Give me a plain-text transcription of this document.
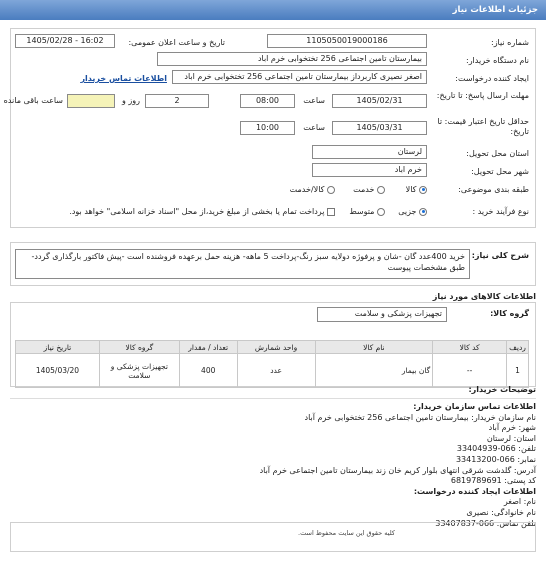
جزئیات اطلاعات نیاز
شماره نیاز:
1105050019000186
تاریخ و ساعت اعلان عمومی:
1405/02/28 - 16:02
نام دستگاه خریدار:
بیمارستان تامین اجتماعی 256 تختخوابی خرم اباد
ایجاد کننده درخواست:
اصغر نصیری کاربرداز بیمارستان تامین اجتماعی 256 تختخوابی خرم اباد
اطلاعات تماس خریدار
مهلت ارسال پاسخ: تا تاریخ:
1405/02/31
ساعت
08:00
2
روز و
ساعت باقی مانده
حداقل تاریخ اعتبار قیمت: تا تاریخ:
1405/03/31
ساعت
10:00
استان محل تحویل:
لرستان
شهر محل تحویل:
خرم اباد
طبقه بندی موضوعی:
کالا
خدمت
کالا/خدمت
نوع فرآیند خرید :
جزیی
متوسط
پرداخت تمام یا بخشی از مبلغ خرید،از محل "اسناد خزانه اسلامی" خواهد بود.
شرح کلی نیاز:
خرید 400عدد گان -شان و پرفوژه دولایه سبز رنگ-پرداخت 5 ماهه- هزینه حمل برعهده فروشنده است -پیش فاکتور بارگذاری گردد-طبق مشخصات پیوست
اطلاعات کالاهای مورد نیاز
گروه کالا:
تجهیزات پزشکی و سلامت
ردیف	کد کالا	نام کالا	واحد شمارش	تعداد / مقدار	گروه کالا	تاریخ نیاز
1	--	گان بیمار	عدد	400	تجهیزات پزشکی و سلامت	1405/03/20
توضیحات خریدار:
اطلاعات تماس سازمان خریدار:
نام سازمان خریدار: بیمارستان تامین اجتماعی 256 تختخوابی خرم آباد
شهر: خرم آباد
استان: لرستان
تلفن: 066-33404939
نمابر: 066-33413200
آدرس: گلدشت شرقی انتهای بلوار کریم خان زند بیمارستان تامین اجتماعی خرم آباد
کد پستی: 6819789691
اطلاعات ایجاد کننده درخواست:
نام: اصغر
نام خانوادگی: نصیری
تلفن تماس: 066-33407837
کلیه حقوق این سایت محفوظ است.
